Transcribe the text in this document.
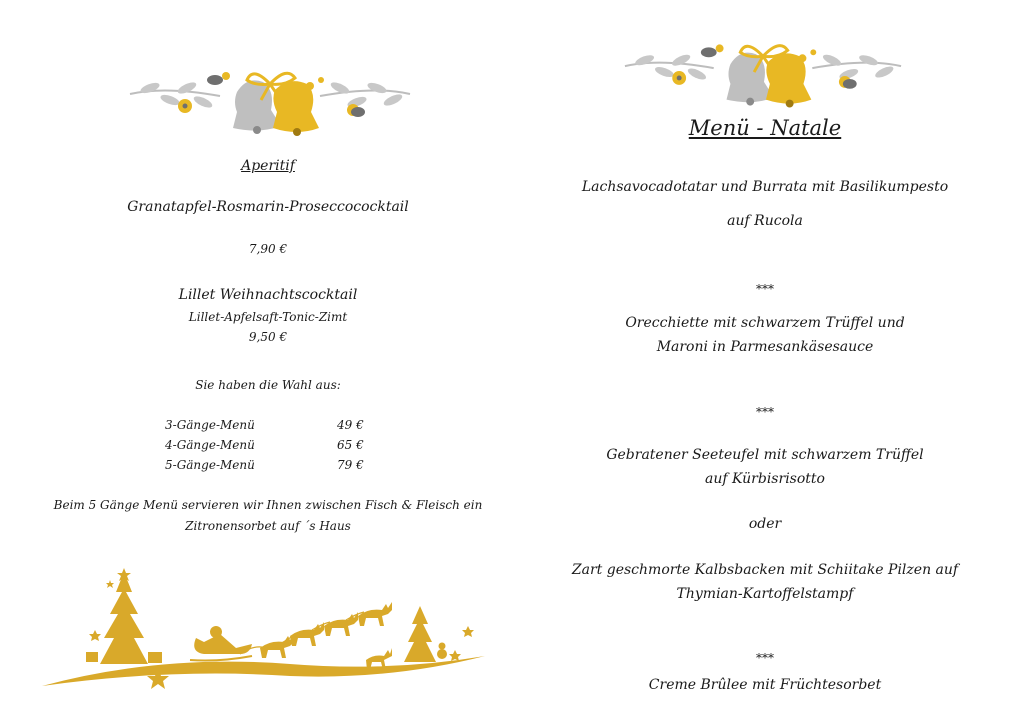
Aperitif
Granatapfel-Rosmarin-Proseccococktail
7,90 €
Lillet Weihnachtscocktail
Lillet-Apfelsaft-Tonic-Zimt
9,50 €
Sie haben die Wahl aus:
3-Gänge-Menü	49 €
4-Gänge-Menü	65 €
5-Gänge-Menü	79 €
Beim 5 Gänge Menü servieren wir Ihnen zwischen Fisch & Fleisch ein
Zitronensorbet auf ´s Haus
Menü - Natale
Lachsavocadotatar und Burrata mit Basilikumpesto
auf Rucola
***
Orecchiette mit schwarzem Trüffel und
Maroni in Parmesankäsesauce
***
Gebratener Seeteufel mit schwarzem Trüffel
auf Kürbisrisotto
oder
Zart geschmorte Kalbsbacken mit Schiitake Pilzen auf
Thymian-Kartoffelstampf
***
Creme Brûlee mit Früchtesorbet
